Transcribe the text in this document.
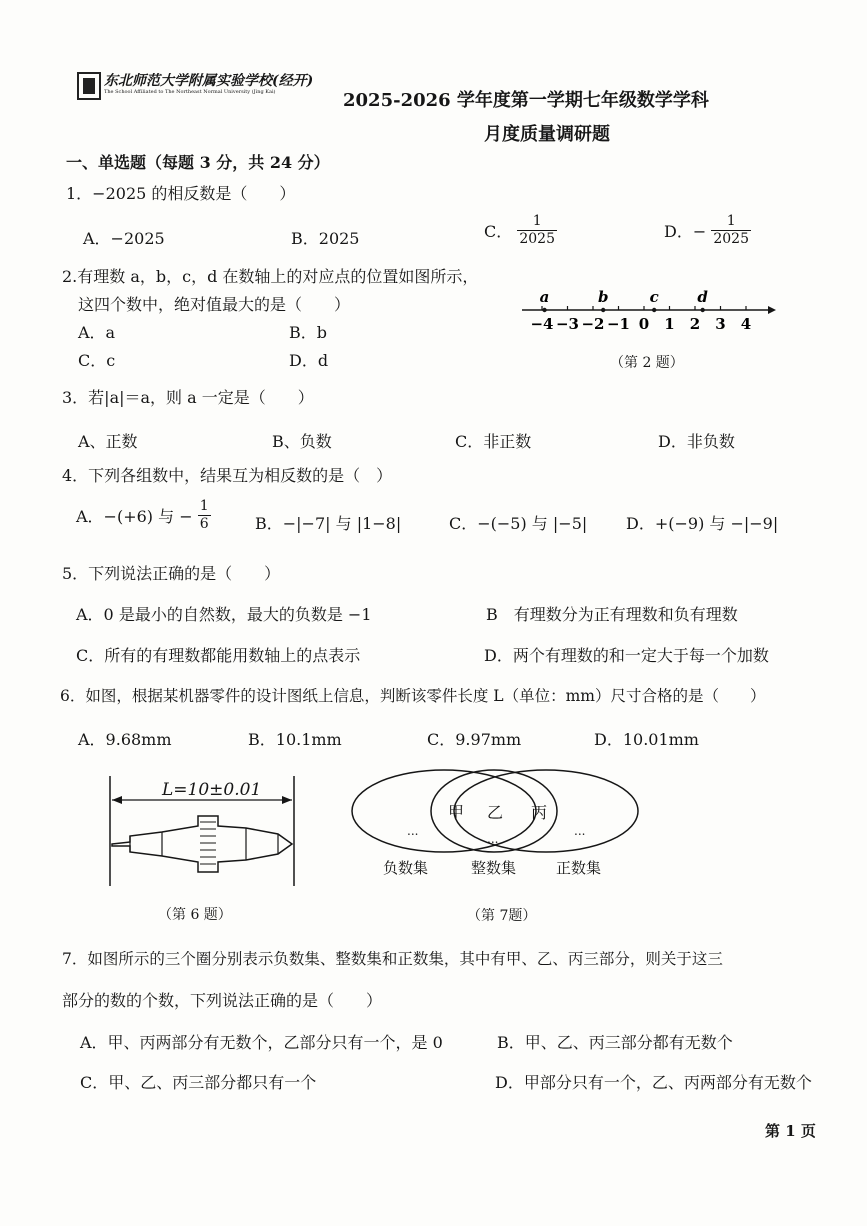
东北师范大学附属实验学校(经开)
The School Affiliated to The Northeast Normal University (Jing Kai)	2025-2026 学年度第一学期七年级数学学科
月度质量调研题
一、单选题（每题 3 分，共 24 分）
1．−2025 的相反数是（　　）
A．−2025	B．2025	C． $\frac{1}{2025}$	D．− $\frac{1}{2025}$
2.有理数 a，b，c，d 在数轴上的对应点的位置如图所示，
这四个数中，绝对值最大的是（　　）
A．a	B．b
C．c	D．d
−4 −3 −2 −1 0 1 2 3 4
a	b	c	d
（第 2 题）
3．若|a|＝a，则 a 一定是（　　）
A、正数	B、负数	C．非正数	D．非负数
4．下列各组数中，结果互为相反数的是（　）
A．−(+6) 与 − $\frac{1}{6}$	B．−|−7| 与 |1−8|	C．−(−5) 与 |−5| D．+(−9) 与 −|−9|
5．下列说法正确的是（　　）
A．0 是最小的自然数，最大的负数是 −1	B　有理数分为正有理数和负有理数
C．所有的有理数都能用数轴上的点表示	D．两个有理数的和一定大于每一个加数
6．如图，根据某机器零件的设计图纸上信息，判断该零件长度 L（单位：mm）尺寸合格的是（　　）
A．9.68mm	B．10.1mm	C．9.97mm	D．10.01mm
L=10±0.01
（第 6 题）
甲 乙 丙
...
...
...
负数集	整数集	正数集
（第 7题）
7．如图所示的三个圈分别表示负数集、整数集和正数集，其中有甲、乙、丙三部分，则关于这三
部分的数的个数，下列说法正确的是（　　）
A．甲、丙两部分有无数个，乙部分只有一个，是 0	B．甲、乙、丙三部分都有无数个
C．甲、乙、丙三部分都只有一个	D．甲部分只有一个，乙、丙两部分有无数个
第 1 页
